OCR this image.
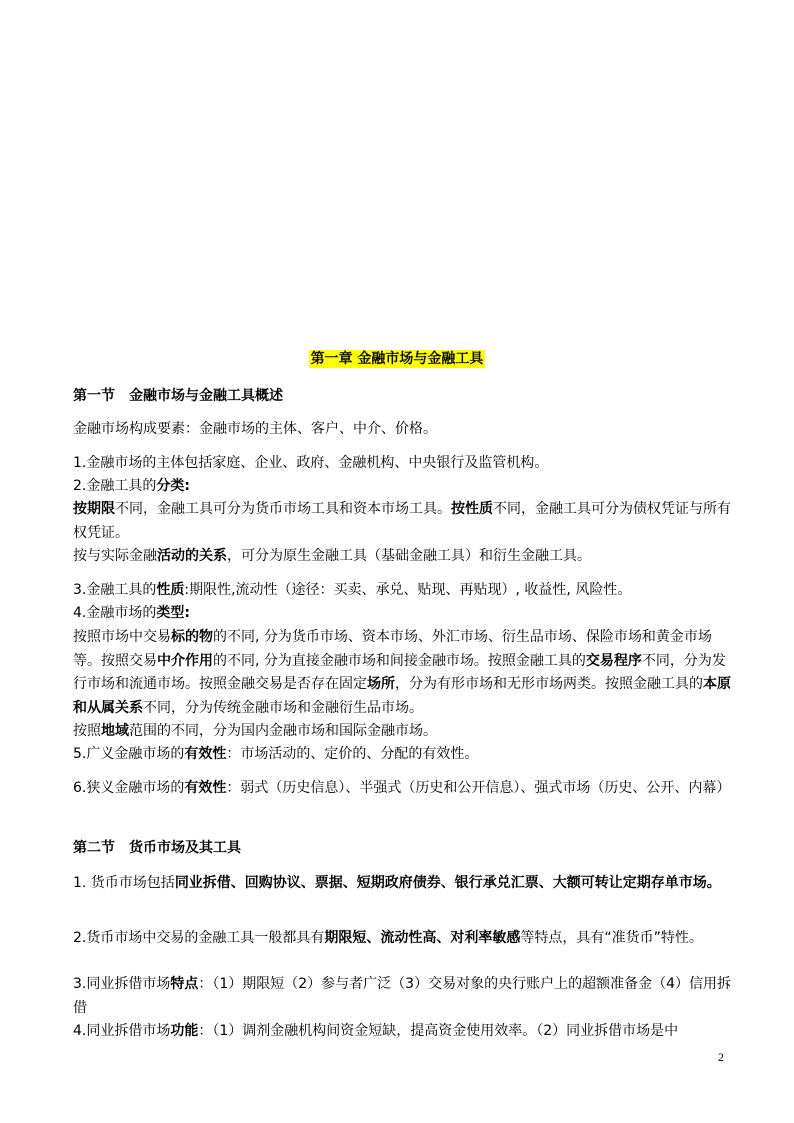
第一章 金融市场与金融工具
第一节　金融市场与金融工具概述
金融市场构成要素：金融市场的主体、客户、中介、价格。
1.金融市场的主体包括家庭、企业、政府、金融机构、中央银行及监管机构。
2.金融工具的分类:
按期限不同，金融工具可分为货币市场工具和资本市场工具。按性质不同，金融工具可分为债权凭证与所有权凭证。
按与实际金融活动的关系，可分为原生金融工具（基础金融工具）和衍生金融工具。
3.金融工具的性质:期限性,流动性（途径：买卖、承兑、贴现、再贴现）, 收益性, 风险性。
4.金融市场的类型:
按照市场中交易标的物的不同, 分为货币市场、资本市场、外汇市场、衍生品市场、保险市场和黄金市场等。按照交易中介作用的不同, 分为直接金融市场和间接金融市场。按照金融工具的交易程序不同，分为发行市场和流通市场。按照金融交易是否存在固定场所，分为有形市场和无形市场两类。按照金融工具的本原和从属关系不同，分为传统金融市场和金融衍生品市场。
按照地域范围的不同，分为国内金融市场和国际金融市场。
5.广义金融市场的有效性：市场活动的、定价的、分配的有效性。
6.狭义金融市场的有效性：弱式（历史信息）、半强式（历史和公开信息）、强式市场（历史、公开、内幕）
第二节　货币市场及其工具
1. 货币市场包括同业拆借、回购协议、票据、短期政府债券、银行承兑汇票、大额可转让定期存单市场。
2.货币市场中交易的金融工具一般都具有期限短、流动性高、对利率敏感等特点，具有“准货币”特性。
3.同业拆借市场特点：（1）期限短（2）参与者广泛（3）交易对象的央行账户上的超额准备金（4）信用拆借
4.同业拆借市场功能：（1）调剂金融机构间资金短缺，提高资金使用效率。（2）同业拆借市场是中
2
